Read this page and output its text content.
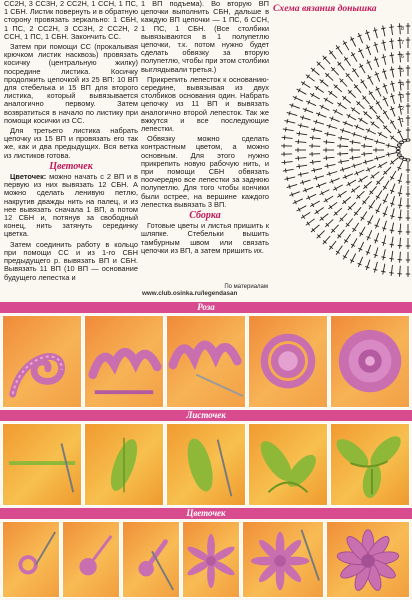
СС2Н, 3 СС3Н, 2 СС2Н, 1 ССН, 1 ПС, 1 СБН. Листик повернуть и в обратную сторону провязать зеркально: 1 СБН, 1 ПС, 2 СС2Н, 3 СС3Н, 2 СС2Н, 2 ССН, 1 ПС, 1 СБН. Закончить СС.

Затем при помощи СС (прокалывая крючком листик насквозь) провязать косичку (центральную жилку) посредине листика. Косичку продолжить цепочкой из 25 ВП: 10 ВП для стебелька и 15 ВП для второго листика, который вывязывается аналогично первому. Затем возвратиться в начало по листику при помощи косички из СС.

Для третьего листика набрать цепочку из 15 ВП и провязать его так же, как и два предыдущих. Вся ветка из листиков готова.

Цветочек

Цветочек: можно начать с 2 ВП и в первую из них вывязать 12 СБН. А можно сделать ленивую петлю, накрутив дважды нить на палец, и из нее вывязать сначала 1 ВП, а потом 12 СБН и, потянув за свободный конец, нить затянуть серединку цветка.

Затем соединить работу в кольцо при помощи СС и из 1-го СБН предыдущего р. вывязать ВП и СБН. Вывязать 11 ВП (10 ВП — основание будущего лепестка и

1 ВП подъема). Во вторую ВП цепочки выполнить СБН, дальше в каждую ВП цепочки — 1 ПС, 6 ССН, 1 ПС, 1 СБН. (Все столбики вывязываются в 1 полупетлю цепочки, т.к. потом нужно будет сделать обвязку за вторую полупетлю, чтобы при этом столбики выглядывали третья.)

Прикрепить лепесток к основанию-середине, вывязывая из двух столбиков основания один. Набрать цепочку из 11 ВП и вывязать аналогично второй лепесток. Так же вжкутся и все последующие лепестки.

Обвязку можно сделать контрастным цветом, а можно основным. Для этого нужно прикрепить новую рабочую нить, и при помощи СБН обвязать поочередно все лепестки за заднюю полупетлю. Для того чтобы кончики были острее, на вершине каждого лепестка вывязать 3 ВП.

Сборка

Готовые цветы и листья пришить к шляпке. Стебельки вышить тамбурным швом или связать цепочки из ВП, а затем пришить их.

Схема вязания донышка
1
2
3
4
5
6
7
8
По материалам
www.club.osinka.ru/legendasan
Роза
Листочек
Цветочек
